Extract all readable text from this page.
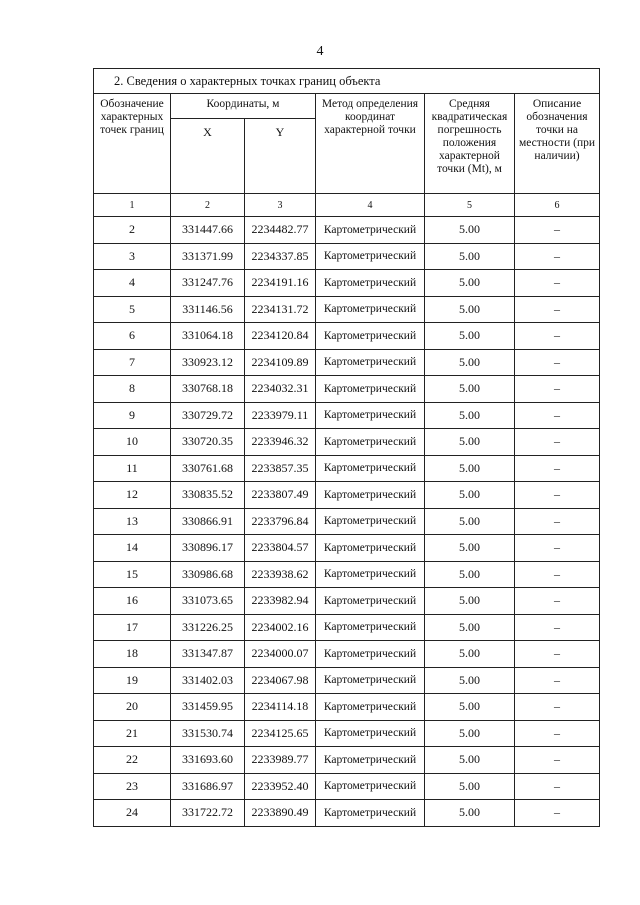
4
2. Сведения о характерных точках границ объекта					
Обозначение характерных точек границ	Координаты, м		Метод определения координат характерной точки	Средняя квадратическая погрешность положения характерной точки (Mt), м	Описание обозначения точки на местности (при наличии)
	X	Y			
1	2	3	4	5	6
2	331447.66	2234482.77	Картометрический	5.00	–
3	331371.99	2234337.85	Картометрический	5.00	–
4	331247.76	2234191.16	Картометрический	5.00	–
5	331146.56	2234131.72	Картометрический	5.00	–
6	331064.18	2234120.84	Картометрический	5.00	–
7	330923.12	2234109.89	Картометрический	5.00	–
8	330768.18	2234032.31	Картометрический	5.00	–
9	330729.72	2233979.11	Картометрический	5.00	–
10	330720.35	2233946.32	Картометрический	5.00	–
11	330761.68	2233857.35	Картометрический	5.00	–
12	330835.52	2233807.49	Картометрический	5.00	–
13	330866.91	2233796.84	Картометрический	5.00	–
14	330896.17	2233804.57	Картометрический	5.00	–
15	330986.68	2233938.62	Картометрический	5.00	–
16	331073.65	2233982.94	Картометрический	5.00	–
17	331226.25	2234002.16	Картометрический	5.00	–
18	331347.87	2234000.07	Картометрический	5.00	–
19	331402.03	2234067.98	Картометрический	5.00	–
20	331459.95	2234114.18	Картометрический	5.00	–
21	331530.74	2234125.65	Картометрический	5.00	–
22	331693.60	2233989.77	Картометрический	5.00	–
23	331686.97	2233952.40	Картометрический	5.00	–
24	331722.72	2233890.49	Картометрический	5.00	–
